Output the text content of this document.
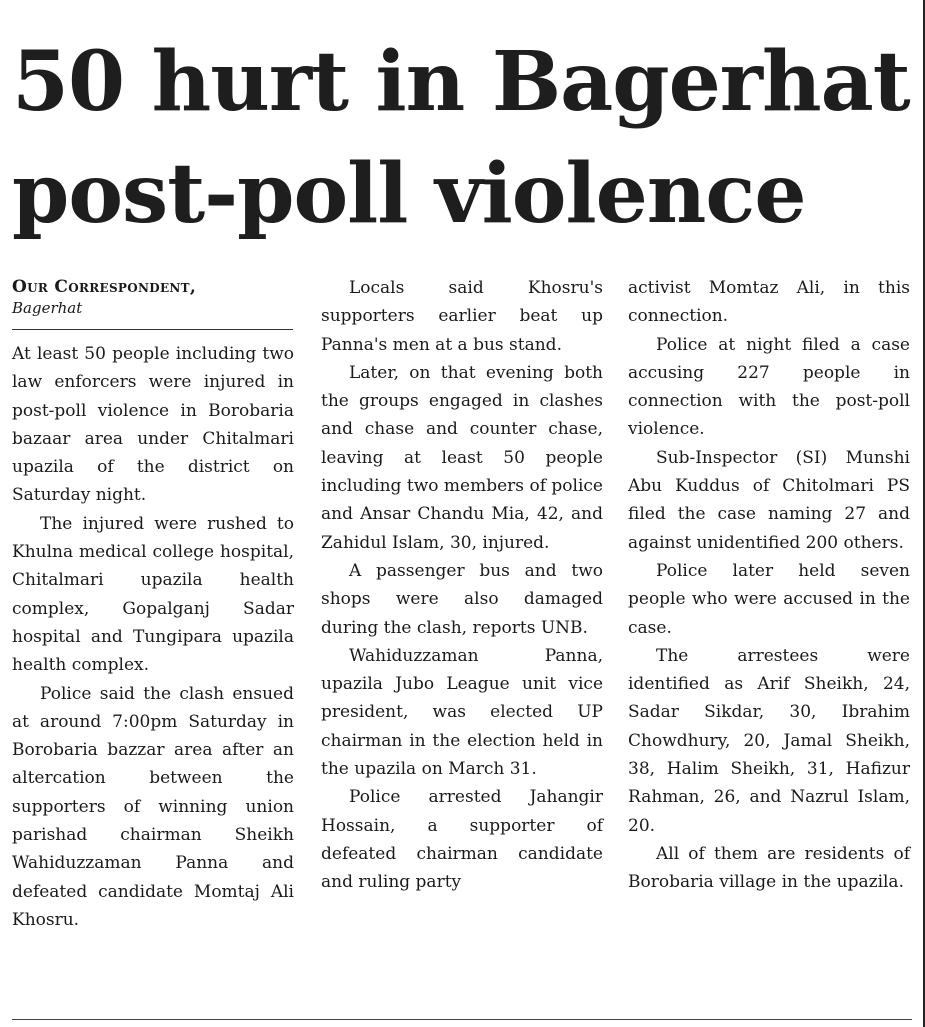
50 hurt in Bagerhat
post-poll violence
Our Correspondent,
Bagerhat

At least 50 people including two law enforcers were injured in post-poll violence in Borobaria bazaar area under Chitalmari upazila of the district on Saturday night.

The injured were rushed to Khulna medical college hospital, Chitalmari upazila health complex, Gopalganj Sadar hospital and Tungipara upazila health complex.

Police said the clash ensued at around 7:00pm Saturday in Borobaria bazzar area after an altercation between the supporters of winning union parishad chairman Sheikh Wahiduzzaman Panna and defeated candidate Momtaj Ali Khosru.

Locals said Khosru's supporters earlier beat up Panna's men at a bus stand.

Later, on that evening both the groups engaged in clashes and chase and counter chase, leaving at least 50 people including two members of police and Ansar Chandu Mia, 42, and Zahidul Islam, 30, injured.

A passenger bus and two shops were also damaged during the clash, reports UNB.

Wahiduzzaman Panna, upazila Jubo League unit vice president, was elected UP chairman in the election held in the upazila on March 31.

Police arrested Jahangir Hossain, a supporter of defeated chairman candidate and ruling party

activist Momtaz Ali, in this connection.

Police at night filed a case accusing 227 people in connection with the post-poll violence.

Sub-Inspector (SI) Munshi Abu Kuddus of Chitolmari PS filed the case naming 27 and against unidentified 200 others.

Police later held seven people who were accused in the case.

The arrestees were identified as Arif Sheikh, 24, Sadar Sikdar, 30, Ibrahim Chowdhury, 20, Jamal Sheikh, 38, Halim Sheikh, 31, Hafizur Rahman, 26, and Nazrul Islam, 20.

All of them are residents of Borobaria village in the upazila.
